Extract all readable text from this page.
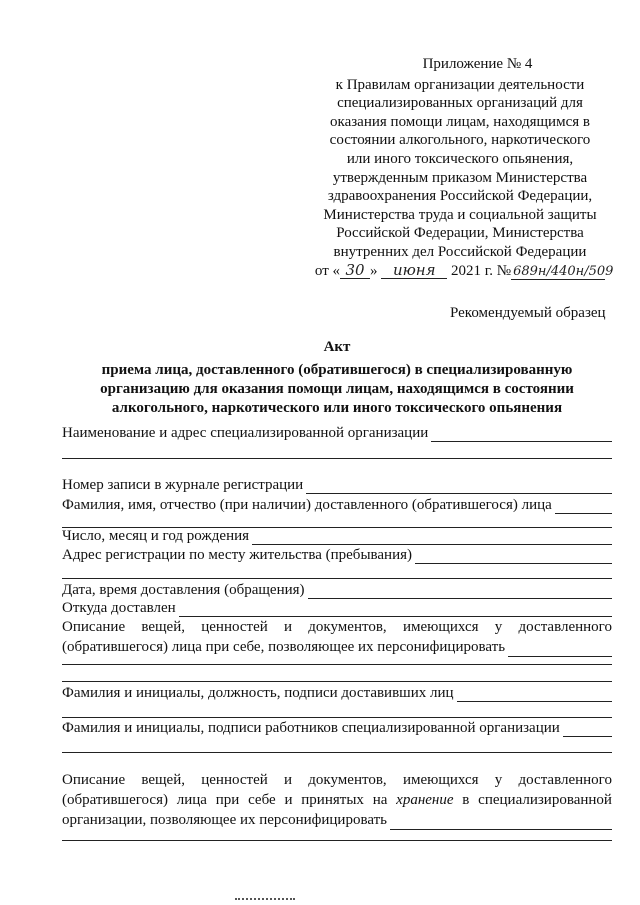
Приложение № 4
к Правилам организации деятельности
специализированных организаций для
оказания помощи лицам, находящимся в
состоянии алкогольного, наркотического
или иного токсического опьянения,
утвержденным приказом Министерства
здравоохранения Российской Федерации,
Министерства труда и социальной защиты
Российской Федерации, Министерства
внутренних дел Российской Федерации
от « 30 » июня 2021 г. № 689н/440н/509
Рекомендуемый образец
Акт
приема лица, доставленного (обратившегося) в специализированную
организацию для оказания помощи лицам, находящимся в состоянии
алкогольного, наркотического или иного токсического опьянения
Наименование и адрес специализированной организации
Номер записи в журнале регистрации
Фамилия, имя, отчество (при наличии) доставленного (обратившегося) лица
Число, месяц и год рождения
Адрес регистрации по месту жительства (пребывания)
Дата, время доставления (обращения)
Откуда доставлен
Описание вещей, ценностей и документов, имеющихся у доставленного
(обратившегося) лица при себе, позволяющее их персонифицировать
Фамилия и инициалы, должность, подписи доставивших лиц
Фамилия и инициалы, подписи работников специализированной организации
Описание вещей, ценностей и документов, имеющихся у доставленного
(обратившегося) лица при себе и принятых на хранение в специализированной
организации, позволяющее их персонифицировать
